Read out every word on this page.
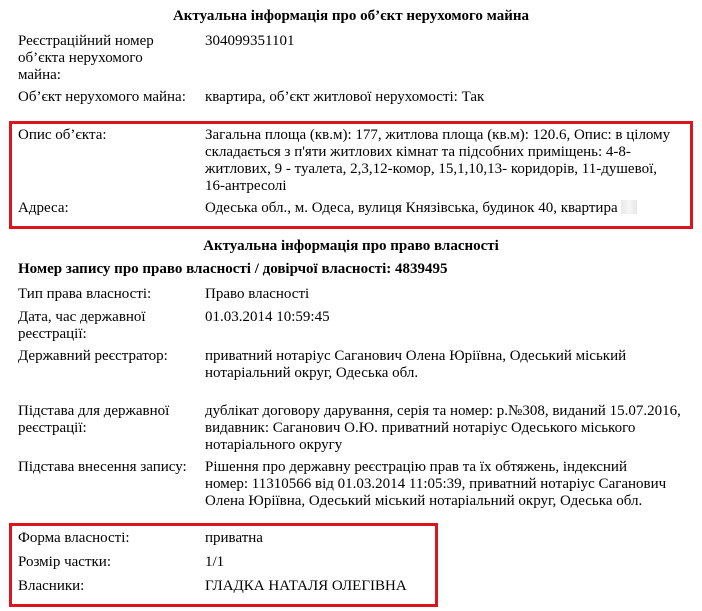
Актуальна інформація про об’єкт нерухомого майна
Реєстраційний номер об’єкта нерухомого майна:
304099351101
Об’єкт нерухомого майна: квартира, об’єкт житлової нерухомості: Так
Опис об’єкта:	Загальна площа (кв.м): 177, житлова площа (кв.м): 120.6, Опис: в цілому складається з п'яти житлових кімнат та підсобних приміщень: 4-8-житлових, 9 - туалета, 2,3,12-комор, 15,1,10,13- коридорів, 11-душевої, 16-антресолі
Адреса:	Одеська обл., м. Одеса, вулиця Князівська, будинок 40, квартира
Актуальна інформація про право власності
Номер запису про право власності / довірчої власності: 4839495
Тип права власності:	Право власності
Дата, час державної реєстрації:
01.03.2014 10:59:45
Державний реєстратор:	приватний нотаріус Саганович Олена Юріївна, Одеський міський нотаріальний округ, Одеська обл.
Підстава для державної реєстрації:
дублікат договору дарування, серія та номер: р.№308, виданий 15.07.2016, видавник: Саганович О.Ю. приватний нотаріус Одеського міського нотаріального округу
Підстава внесення запису: Рішення про державну реєстрацію прав та їх обтяжень, індексний номер: 11310566 від 01.03.2014 11:05:39, приватний нотаріус Саганович Олена Юріївна, Одеський міський нотаріальний округ, Одеська обл.
Форма власності:	приватна
Розмір частки:	1/1
Власники:	ГЛАДКА НАТАЛЯ ОЛЕГІВНА
